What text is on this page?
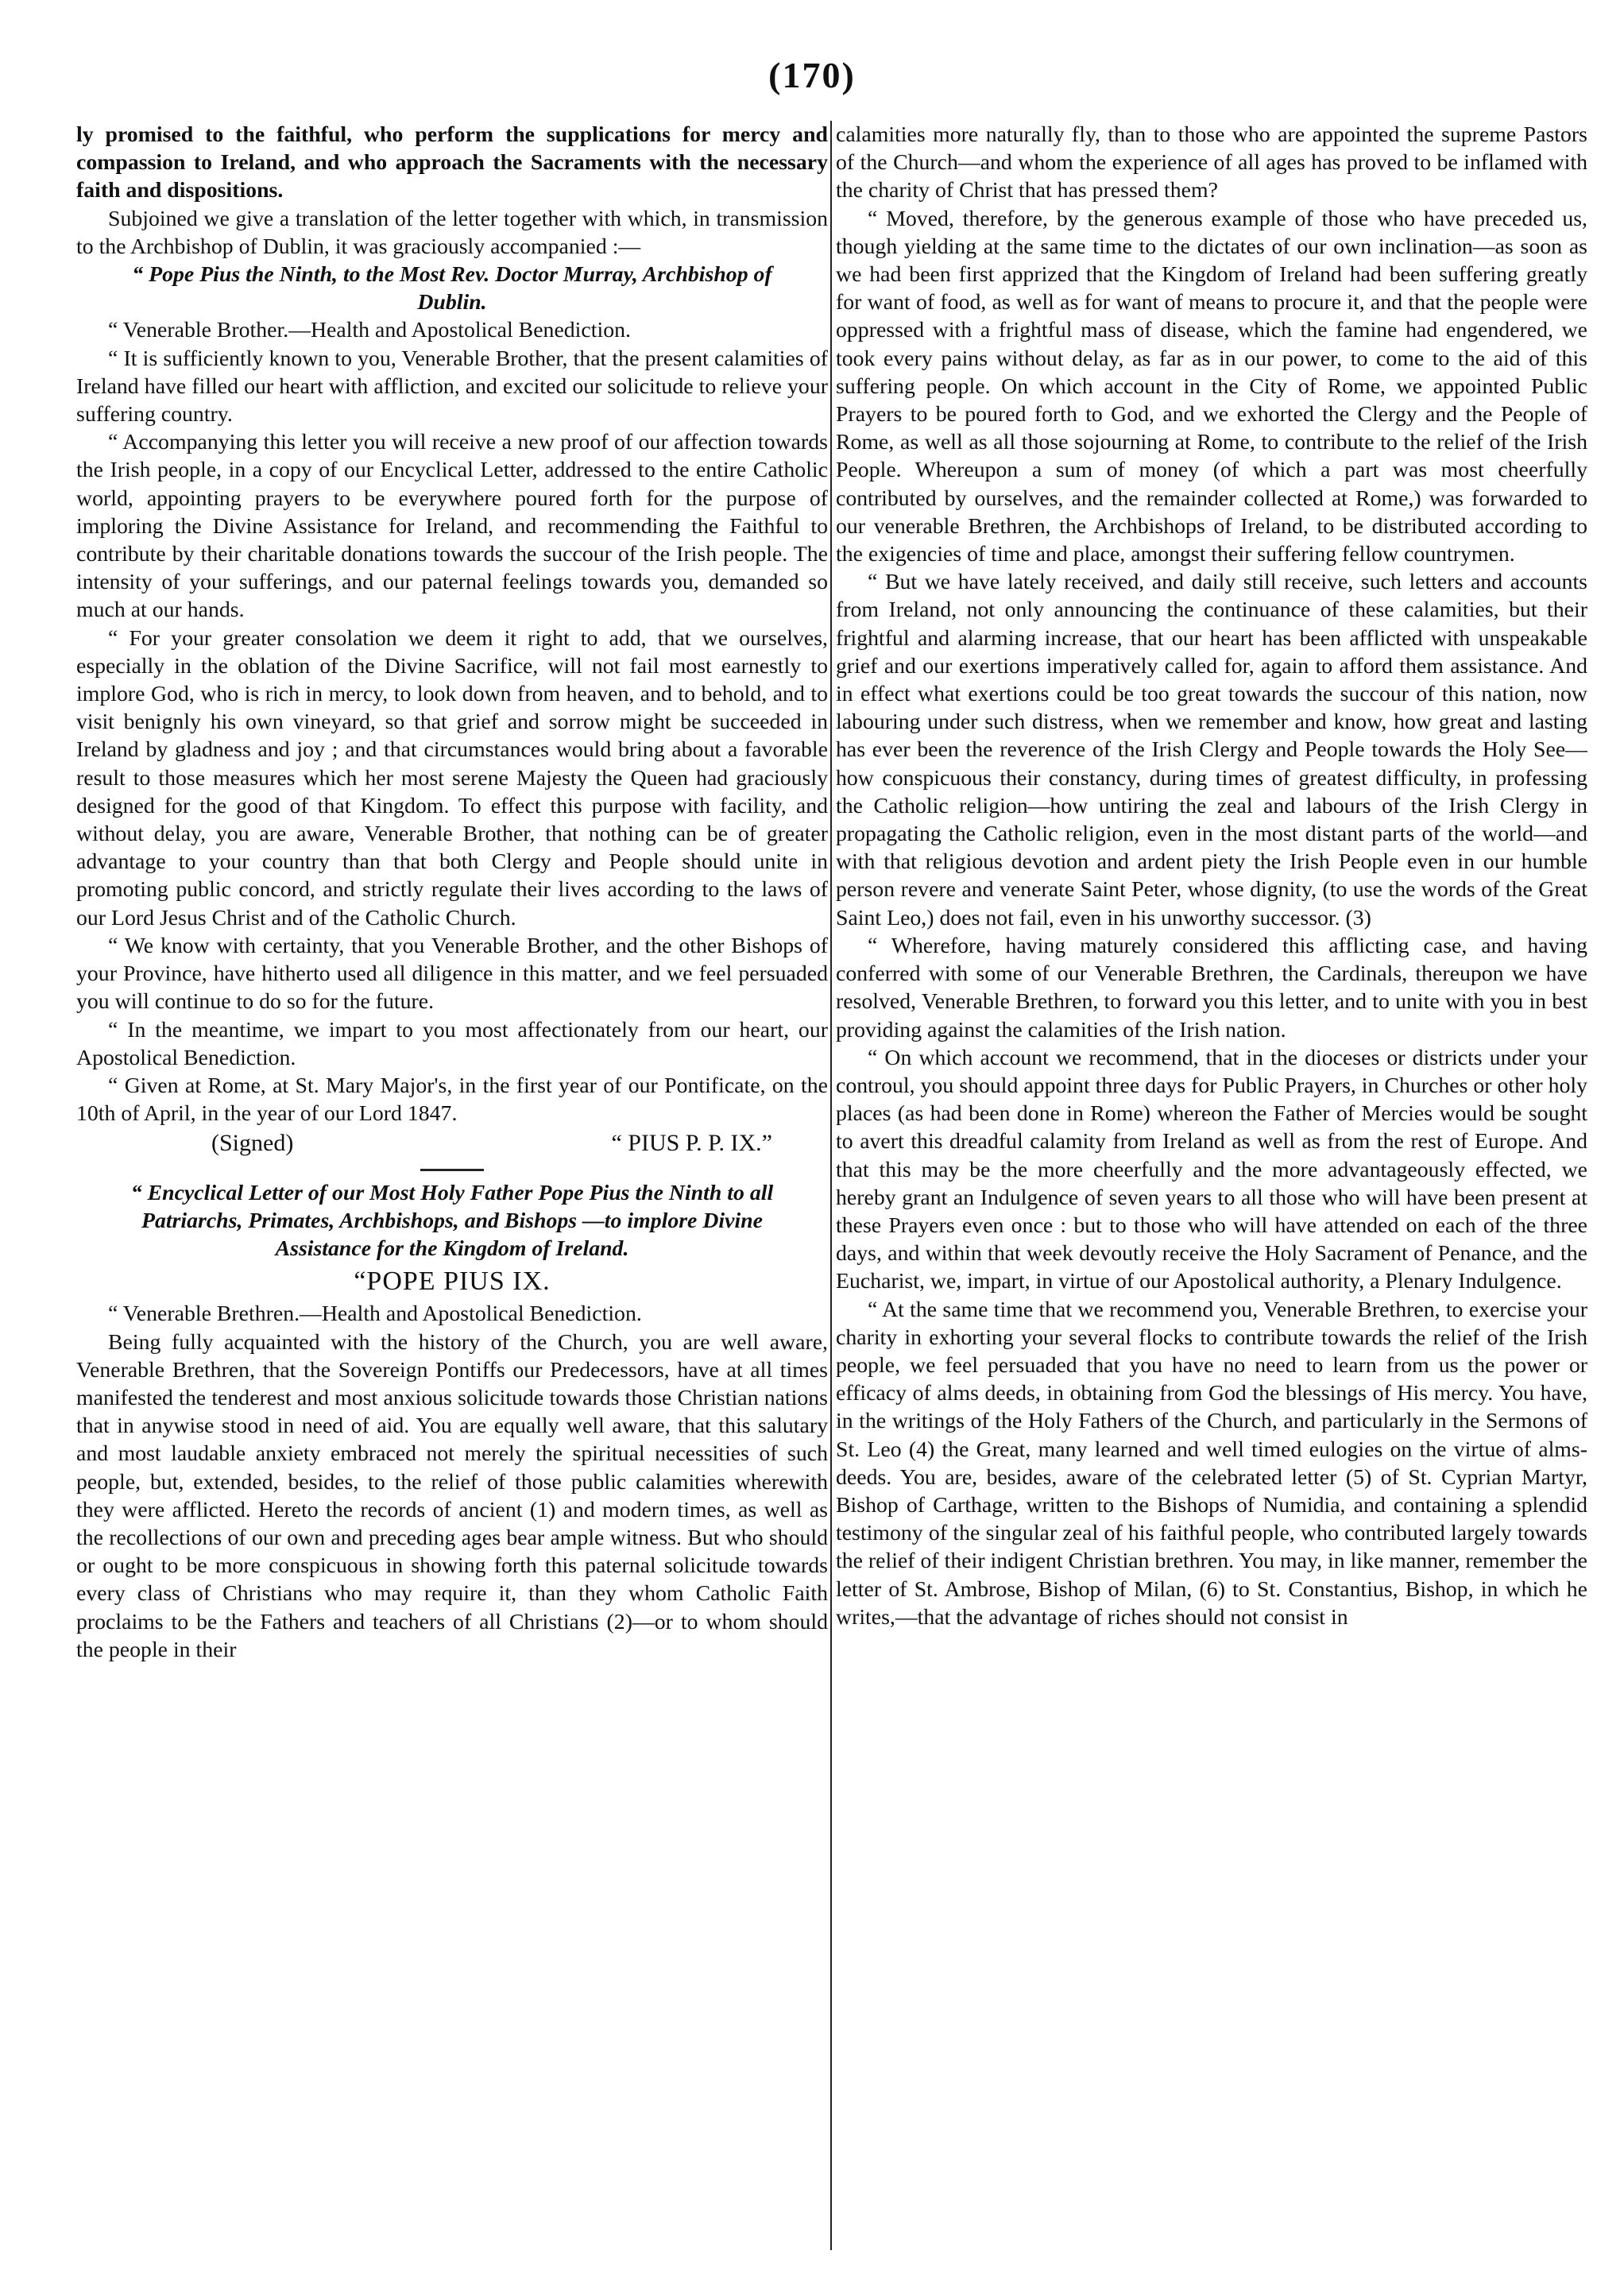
(170)

ly promised to the faithful, who perform the supplications for mercy and compassion to Ireland, and who approach the Sacraments with the necessary faith and dispositions.

Subjoined we give a translation of the letter together with which, in transmission to the Archbishop of Dublin, it was graciously accompanied :—

“ Pope Pius the Ninth, to the Most Rev. Doctor Murray, Archbishop of Dublin.

“ Venerable Brother.—Health and Apostolical Benediction.

“ It is sufficiently known to you, Venerable Brother, that the present calamities of Ireland have filled our heart with affliction, and excited our solicitude to relieve your suffering country.

“ Accompanying this letter you will receive a new proof of our affection towards the Irish people, in a copy of our Encyclical Letter, addressed to the entire Catholic world, appointing prayers to be everywhere poured forth for the purpose of imploring the Divine Assistance for Ireland, and recommending the Faithful to contribute by their charitable donations towards the succour of the Irish people. The intensity of your sufferings, and our paternal feelings towards you, demanded so much at our hands.

“ For your greater consolation we deem it right to add, that we ourselves, especially in the oblation of the Divine Sacrifice, will not fail most earnestly to implore God, who is rich in mercy, to look down from heaven, and to behold, and to visit benignly his own vineyard, so that grief and sorrow might be succeeded in Ireland by gladness and joy ; and that circumstances would bring about a favorable result to those measures which her most serene Majesty the Queen had graciously designed for the good of that Kingdom. To effect this purpose with facility, and without delay, you are aware, Venerable Brother, that nothing can be of greater advantage to your country than that both Clergy and People should unite in promoting public concord, and strictly regulate their lives according to the laws of our Lord Jesus Christ and of the Catholic Church.

“ We know with certainty, that you Venerable Brother, and the other Bishops of your Province, have hitherto used all diligence in this matter, and we feel persuaded you will continue to do so for the future.

“ In the meantime, we impart to you most affectionately from our heart, our Apostolical Benediction.

“ Given at Rome, at St. Mary Major's, in the first year of our Pontificate, on the 10th of April, in the year of our Lord 1847.

(Signed)	“ PIUS P. P. IX.”

“ Encyclical Letter of our Most Holy Father Pope Pius the Ninth to all Patriarchs, Primates, Archbishops, and Bishops —to implore Divine Assistance for the Kingdom of Ireland.

“POPE PIUS IX.

“ Venerable Brethren.—Health and Apostolical Benediction.

Being fully acquainted with the history of the Church, you are well aware, Venerable Brethren, that the Sovereign Pontiffs our Predecessors, have at all times manifested the tenderest and most anxious solicitude towards those Christian nations that in anywise stood in need of aid. You are equally well aware, that this salutary and most laudable anxiety embraced not merely the spiritual necessities of such people, but, extended, besides, to the relief of those public calamities wherewith they were afflicted. Hereto the records of ancient (1) and modern times, as well as the recollections of our own and preceding ages bear ample witness. But who should or ought to be more conspicuous in showing forth this paternal solicitude towards every class of Christians who may require it, than they whom Catholic Faith proclaims to be the Fathers and teachers of all Christians (2)—or to whom should the people in their

calamities more naturally fly, than to those who are appointed the supreme Pastors of the Church—and whom the experience of all ages has proved to be inflamed with the charity of Christ that has pressed them?

“ Moved, therefore, by the generous example of those who have preceded us, though yielding at the same time to the dictates of our own inclination—as soon as we had been first apprized that the Kingdom of Ireland had been suffering greatly for want of food, as well as for want of means to procure it, and that the people were oppressed with a frightful mass of disease, which the famine had engendered, we took every pains without delay, as far as in our power, to come to the aid of this suffering people. On which account in the City of Rome, we appointed Public Prayers to be poured forth to God, and we exhorted the Clergy and the People of Rome, as well as all those sojourning at Rome, to contribute to the relief of the Irish People. Whereupon a sum of money (of which a part was most cheerfully contributed by ourselves, and the remainder collected at Rome,) was forwarded to our venerable Brethren, the Archbishops of Ireland, to be distributed according to the exigencies of time and place, amongst their suffering fellow countrymen.

“ But we have lately received, and daily still receive, such letters and accounts from Ireland, not only announcing the continuance of these calamities, but their frightful and alarming increase, that our heart has been afflicted with unspeakable grief and our exertions imperatively called for, again to afford them assistance. And in effect what exertions could be too great towards the succour of this nation, now labouring under such distress, when we remember and know, how great and lasting has ever been the reverence of the Irish Clergy and People towards the Holy See—how conspicuous their constancy, during times of greatest difficulty, in professing the Catholic religion—how untiring the zeal and labours of the Irish Clergy in propagating the Catholic religion, even in the most distant parts of the world—and with that religious devotion and ardent piety the Irish People even in our humble person revere and venerate Saint Peter, whose dignity, (to use the words of the Great Saint Leo,) does not fail, even in his unworthy successor. (3)

“ Wherefore, having maturely considered this afflicting case, and having conferred with some of our Venerable Brethren, the Cardinals, thereupon we have resolved, Venerable Brethren, to forward you this letter, and to unite with you in best providing against the calamities of the Irish nation.

“ On which account we recommend, that in the dioceses or districts under your controul, you should appoint three days for Public Prayers, in Churches or other holy places (as had been done in Rome) whereon the Father of Mercies would be sought to avert this dreadful calamity from Ireland as well as from the rest of Europe. And that this may be the more cheerfully and the more advantageously effected, we hereby grant an Indulgence of seven years to all those who will have been present at these Prayers even once : but to those who will have attended on each of the three days, and within that week devoutly receive the Holy Sacrament of Penance, and the Eucharist, we, impart, in virtue of our Apostolical authority, a Plenary Indulgence.

“ At the same time that we recommend you, Venerable Brethren, to exercise your charity in exhorting your several flocks to contribute towards the relief of the Irish people, we feel persuaded that you have no need to learn from us the power or efficacy of alms deeds, in obtaining from God the blessings of His mercy. You have, in the writings of the Holy Fathers of the Church, and particularly in the Sermons of St. Leo (4) the Great, many learned and well timed eulogies on the virtue of alms-deeds. You are, besides, aware of the celebrated letter (5) of St. Cyprian Martyr, Bishop of Carthage, written to the Bishops of Numidia, and containing a splendid testimony of the singular zeal of his faithful people, who contributed largely towards the relief of their indigent Christian brethren. You may, in like manner, remember the letter of St. Ambrose, Bishop of Milan, (6) to St. Constantius, Bishop, in which he writes,—that the advantage of riches should not consist in
